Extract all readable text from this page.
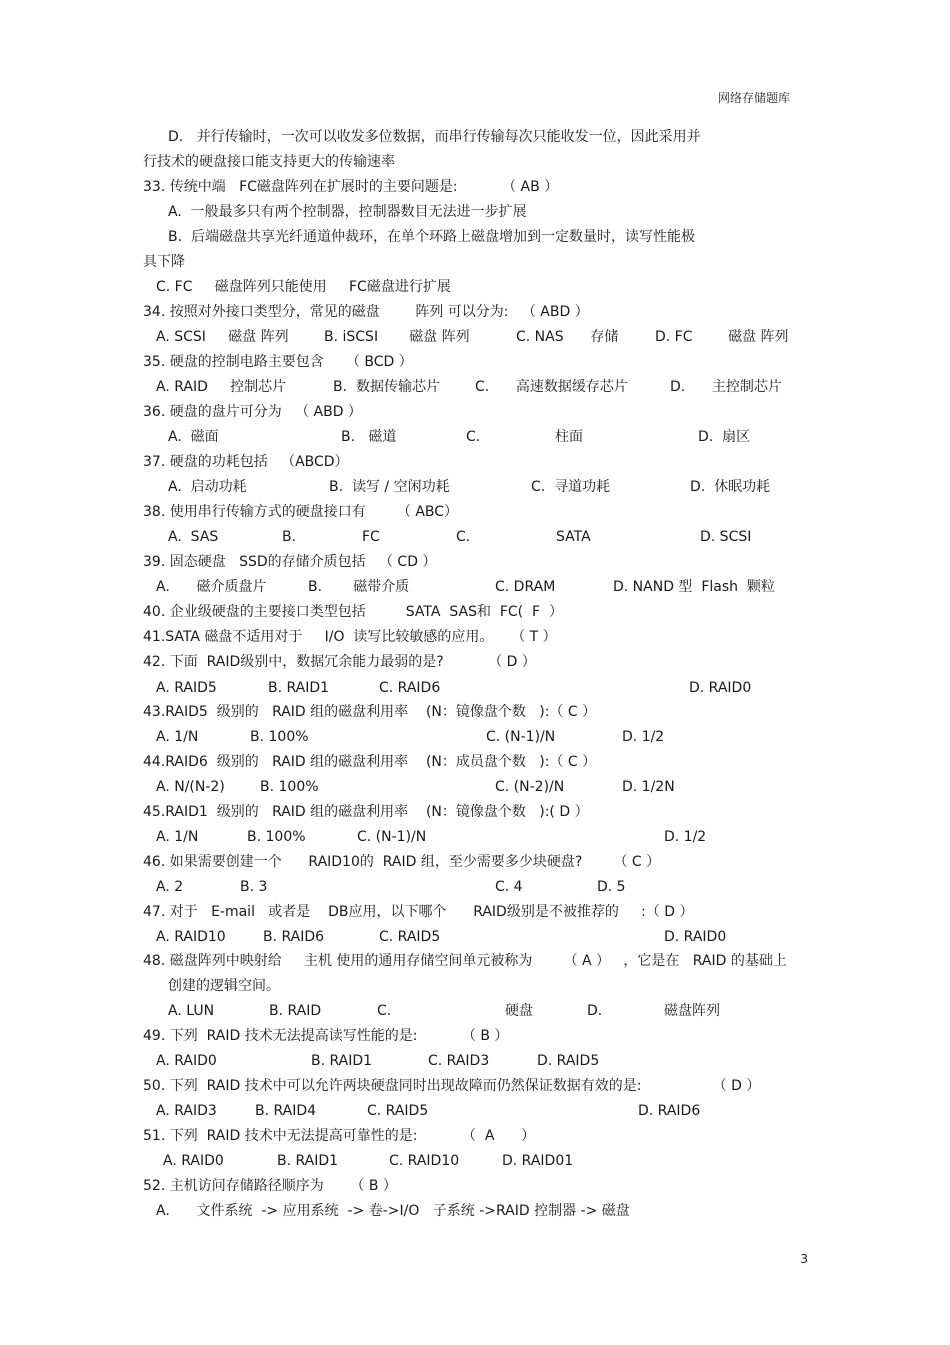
网络存储题库
D.   并行传输时，一次可以收发多位数据，而串行传输每次只能收发一位，因此采用并
行技术的硬盘接口能支持更大的传输速率
33. 传统中端   FC磁盘阵列在扩展时的主要问题是:          （ AB ）
A.  一般最多只有两个控制器，控制器数目无法进一步扩展
B.  后端磁盘共享光纤通道仲裁环，在单个环路上磁盘增加到一定数量时，读写性能极
具下降
C. FC     磁盘阵列只能使用     FC磁盘进行扩展
34. 按照对外接口类型分，常见的磁盘        阵列 可以分为:   （ ABD ）
A. SCSI     磁盘 阵列	B. iSCSI       磁盘 阵列	C. NAS      存储	D. FC        磁盘 阵列
35. 硬盘的控制电路主要包含     （ BCD ）
A. RAID     控制芯片	B.  数据传输芯片	C.      高速数据缓存芯片	D.      主控制芯片
36. 硬盘的盘片可分为   （ ABD ）
A.  磁面	B.   磁道	C.	柱面	D.  扇区
37. 硬盘的功耗包括   （ABCD）
A.  启动功耗	B.  读写 / 空闲功耗	C.  寻道功耗	D.  休眠功耗
38. 使用串行传输方式的硬盘接口有       （ ABC）
A.  SAS	B.	FC	C.	SATA	D. SCSI
39. 固态硬盘   SSD的存储介质包括   （ CD ）
A.      磁介质盘片	B.       磁带介质	C. DRAM	D. NAND 型  Flash  颗粒
40. 企业级硬盘的主要接口类型包括         SATA  SAS和  FC(  F  ）
41.SATA 磁盘不适用对于     I/O  读写比较敏感的应用。    （ T ）
42. 下面  RAID级别中，数据冗余能力最弱的是?          （ D ）
A. RAID5	B. RAID1	C. RAID6	D. RAID0
43.RAID5  级别的   RAID 组的磁盘利用率    (N：镜像盘个数   ):（ C ）
A. 1/N	B. 100%	C. (N-1)/N	D. 1/2
44.RAID6  级别的   RAID 组的磁盘利用率    (N：成员盘个数   ):（ C ）
A. N/(N-2)	B. 100%	C. (N-2)/N	D. 1/2N
45.RAID1  级别的   RAID 组的磁盘利用率    (N：镜像盘个数   ):( D ）
A. 1/N	B. 100%	C. (N-1)/N	D. 1/2
46. 如果需要创建一个      RAID10的  RAID 组，至少需要多少块硬盘?       （ C ）
A. 2	B. 3	C. 4	D. 5
47. 对于   E-mail   或者是    DB应用，以下哪个      RAID级别是不被推荐的     :（ D ）
A. RAID10	B. RAID6	C. RAID5	D. RAID0
48. 磁盘阵列中映射给     主机 使用的通用存储空间单元被称为       （ A ）   ，它是在   RAID 的基础上
创建的逻辑空间。
A. LUN	B. RAID	C.	硬盘	D.	磁盘阵列
49. 下列  RAID 技术无法提高读写性能的是:          （ B ）
A. RAID0	B. RAID1	C. RAID3	D. RAID5
50. 下列  RAID 技术中可以允许两块硬盘同时出现故障而仍然保证数据有效的是:                （ D ）
A. RAID3	B. RAID4	C. RAID5	D. RAID6
51. 下列  RAID 技术中无法提高可靠性的是:          （  A      ）
A. RAID0	B. RAID1	C. RAID10	D. RAID01
52. 主机访问存储路径顺序为      （ B ）
A.      文件系统  -> 应用系统  -> 卷->I/O   子系统 ->RAID 控制器 -> 磁盘
3
